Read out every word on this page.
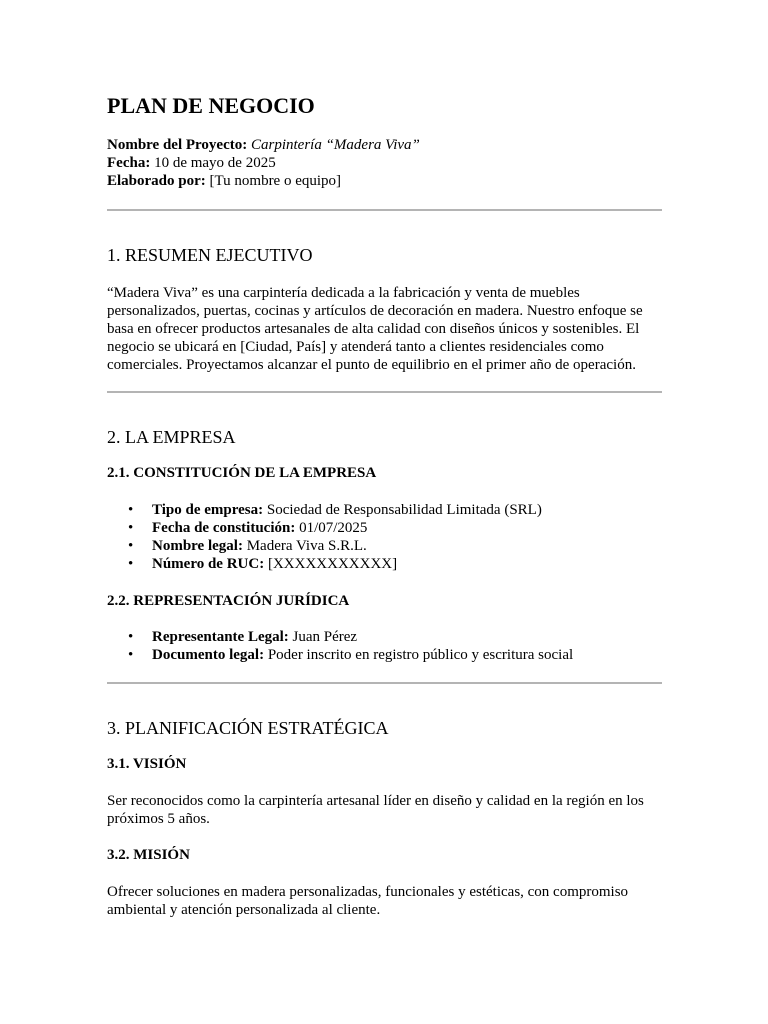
PLAN DE NEGOCIO
Nombre del Proyecto: Carpintería “Madera Viva”
Fecha: 10 de mayo de 2025
Elaborado por: [Tu nombre o equipo]
1. RESUMEN EJECUTIVO

“Madera Viva” es una carpintería dedicada a la fabricación y venta de muebles personalizados, puertas, cocinas y artículos de decoración en madera. Nuestro enfoque se basa en ofrecer productos artesanales de alta calidad con diseños únicos y sostenibles. El negocio se ubicará en [Ciudad, País] y atenderá tanto a clientes residenciales como comerciales. Proyectamos alcanzar el punto de equilibrio en el primer año de operación.

2. LA EMPRESA
2.1. CONSTITUCIÓN DE LA EMPRESA
• Tipo de empresa: Sociedad de Responsabilidad Limitada (SRL)
• Fecha de constitución: 01/07/2025
• Nombre legal: Madera Viva S.R.L.
• Número de RUC: [XXXXXXXXXXX]
2.2. REPRESENTACIÓN JURÍDICA
• Representante Legal: Juan Pérez
• Documento legal: Poder inscrito en registro público y escritura social
3. PLANIFICACIÓN ESTRATÉGICA
3.1. VISIÓN

Ser reconocidos como la carpintería artesanal líder en diseño y calidad en la región en los próximos 5 años.

3.2. MISIÓN

Ofrecer soluciones en madera personalizadas, funcionales y estéticas, con compromiso ambiental y atención personalizada al cliente.
